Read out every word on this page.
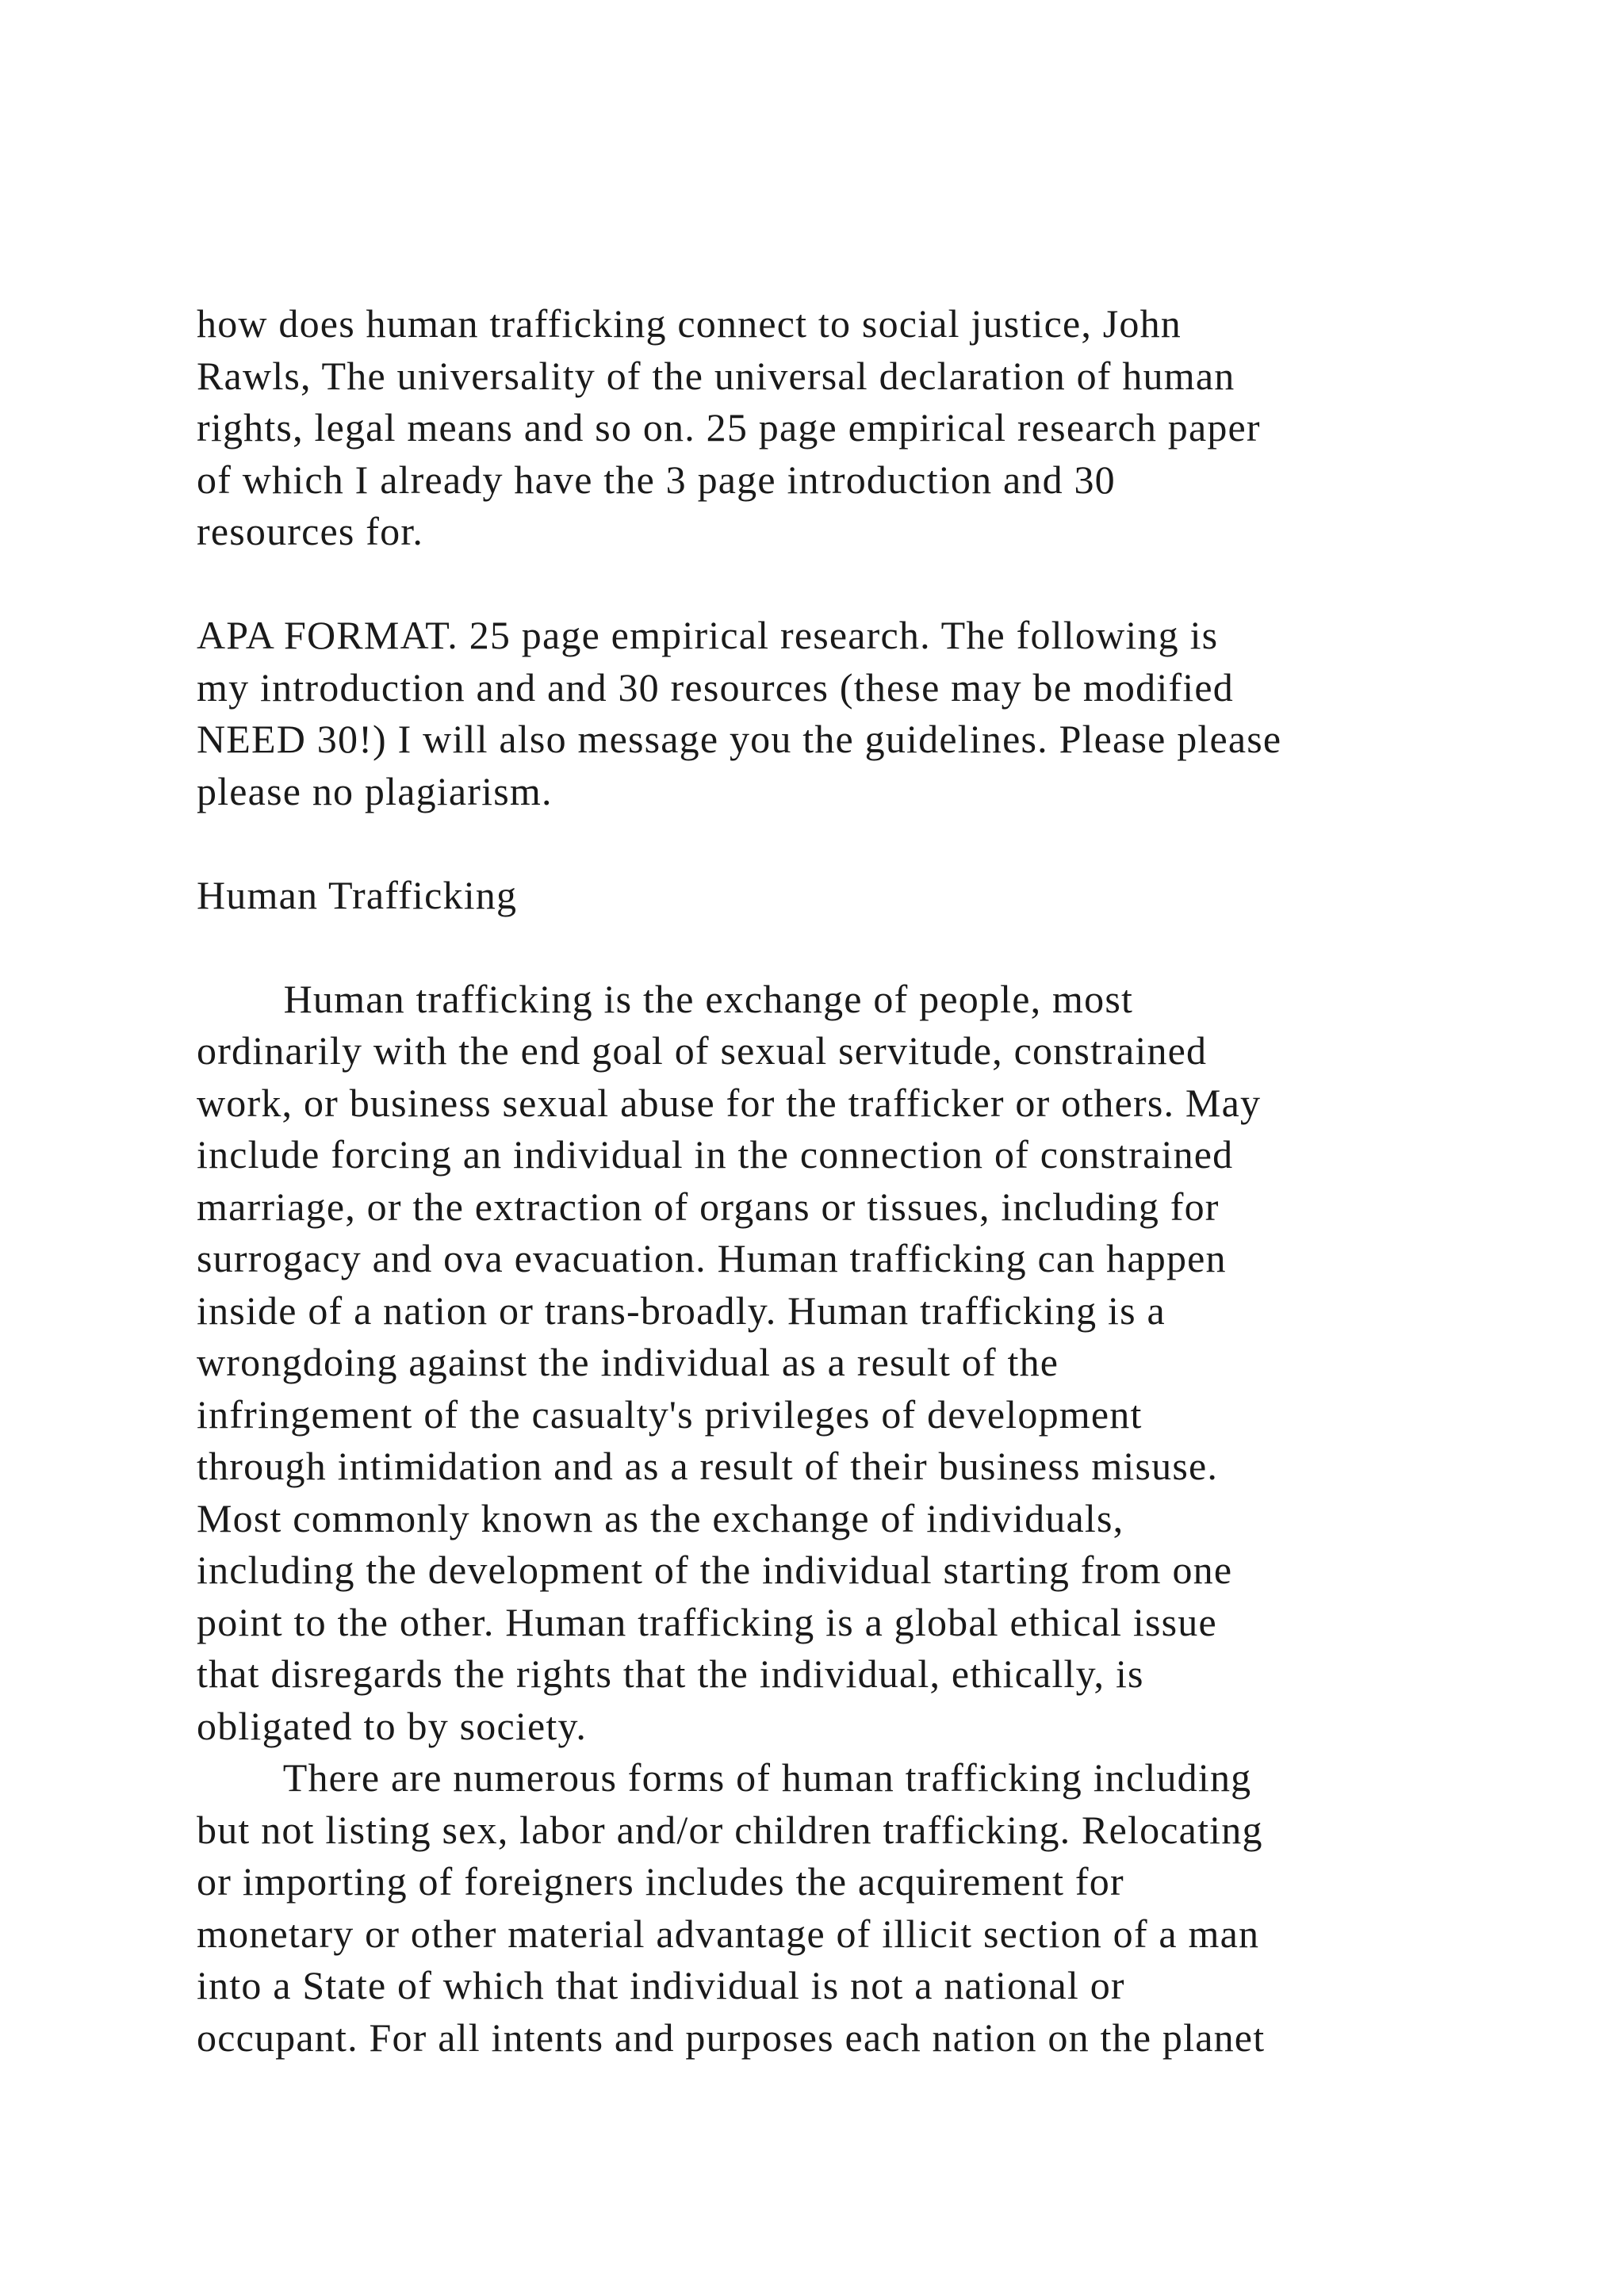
how does human trafficking connect to social justice, John
Rawls, The universality of the universal declaration of human
rights, legal means and so on. 25 page empirical research paper
of which I already have the 3 page introduction and 30
resources for.
APA FORMAT. 25 page empirical research. The following is
my introduction and and 30 resources (these may be modified
NEED 30!) I will also message you the guidelines. Please please
please no plagiarism.
Human Trafficking
Human trafficking is the exchange of people, most
ordinarily with the end goal of sexual servitude, constrained
work, or business sexual abuse for the trafficker or others. May
include forcing an individual in the connection of constrained
marriage, or the extraction of organs or tissues, including for
surrogacy and ova evacuation. Human trafficking can happen
inside of a nation or trans-broadly. Human trafficking is a
wrongdoing against the individual as a result of the
infringement of the casualty's privileges of development
through intimidation and as a result of their business misuse.
Most commonly known as the exchange of individuals,
including the development of the individual starting from one
point to the other. Human trafficking is a global ethical issue
that disregards the rights that the individual, ethically, is
obligated to by society.
There are numerous forms of human trafficking including
but not listing sex, labor and/or children trafficking. Relocating
or importing of foreigners includes the acquirement for
monetary or other material advantage of illicit section of a man
into a State of which that individual is not a national or
occupant. For all intents and purposes each nation on the planet
